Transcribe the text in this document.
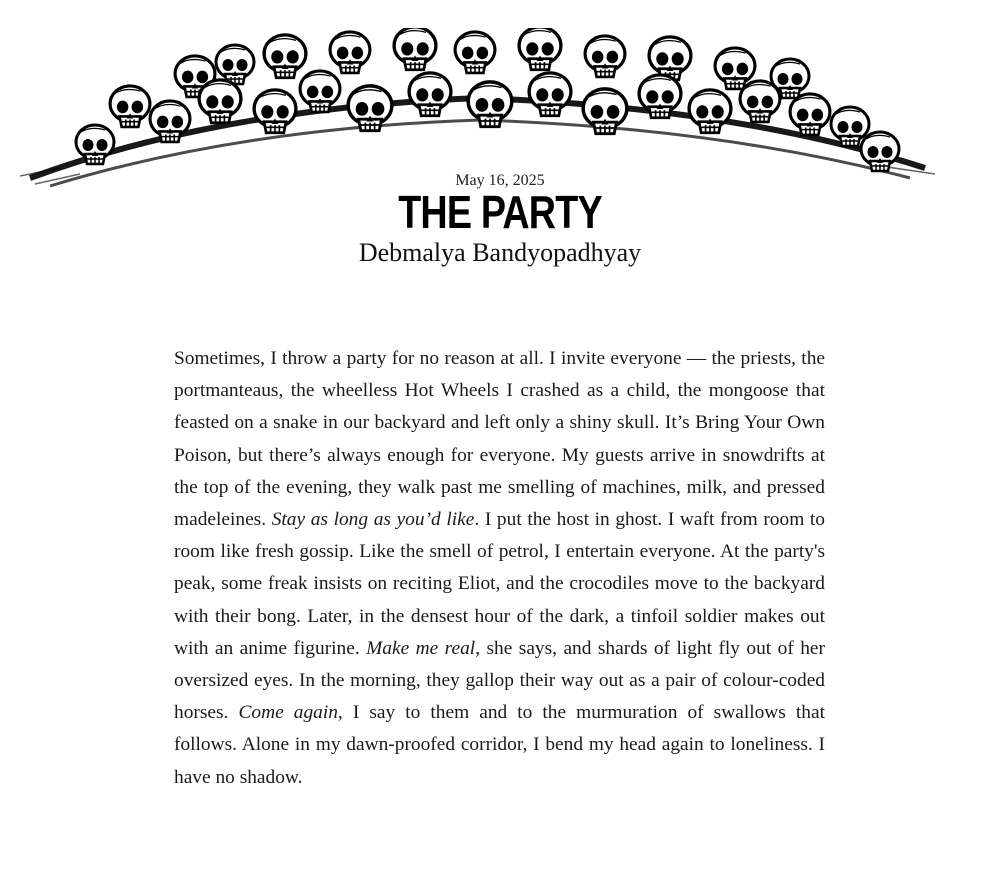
May 16, 2025
THE PARTY
Debmalya Bandyopadhyay
Sometimes, I throw a party for no reason at all. I invite everyone — the priests, the portmanteaus, the wheelless Hot Wheels I crashed as a child, the mongoose that feasted on a snake in our backyard and left only a shiny skull. It’s Bring Your Own Poison, but there’s always enough for everyone. My guests arrive in snowdrifts at the top of the evening, they walk past me smelling of machines, milk, and pressed madeleines. Stay as long as you’d like. I put the host in ghost. I waft from room to room like fresh gossip. Like the smell of petrol, I entertain everyone. At the party's peak, some freak insists on reciting Eliot, and the crocodiles move to the backyard with their bong. Later, in the densest hour of the dark, a tinfoil soldier makes out with an anime figurine. Make me real, she says, and shards of light fly out of her oversized eyes. In the morning, they gallop their way out as a pair of colour-coded horses. Come again, I say to them and to the murmuration of swallows that follows. Alone in my dawn-proofed corridor, I bend my head again to loneliness. I have no shadow.
